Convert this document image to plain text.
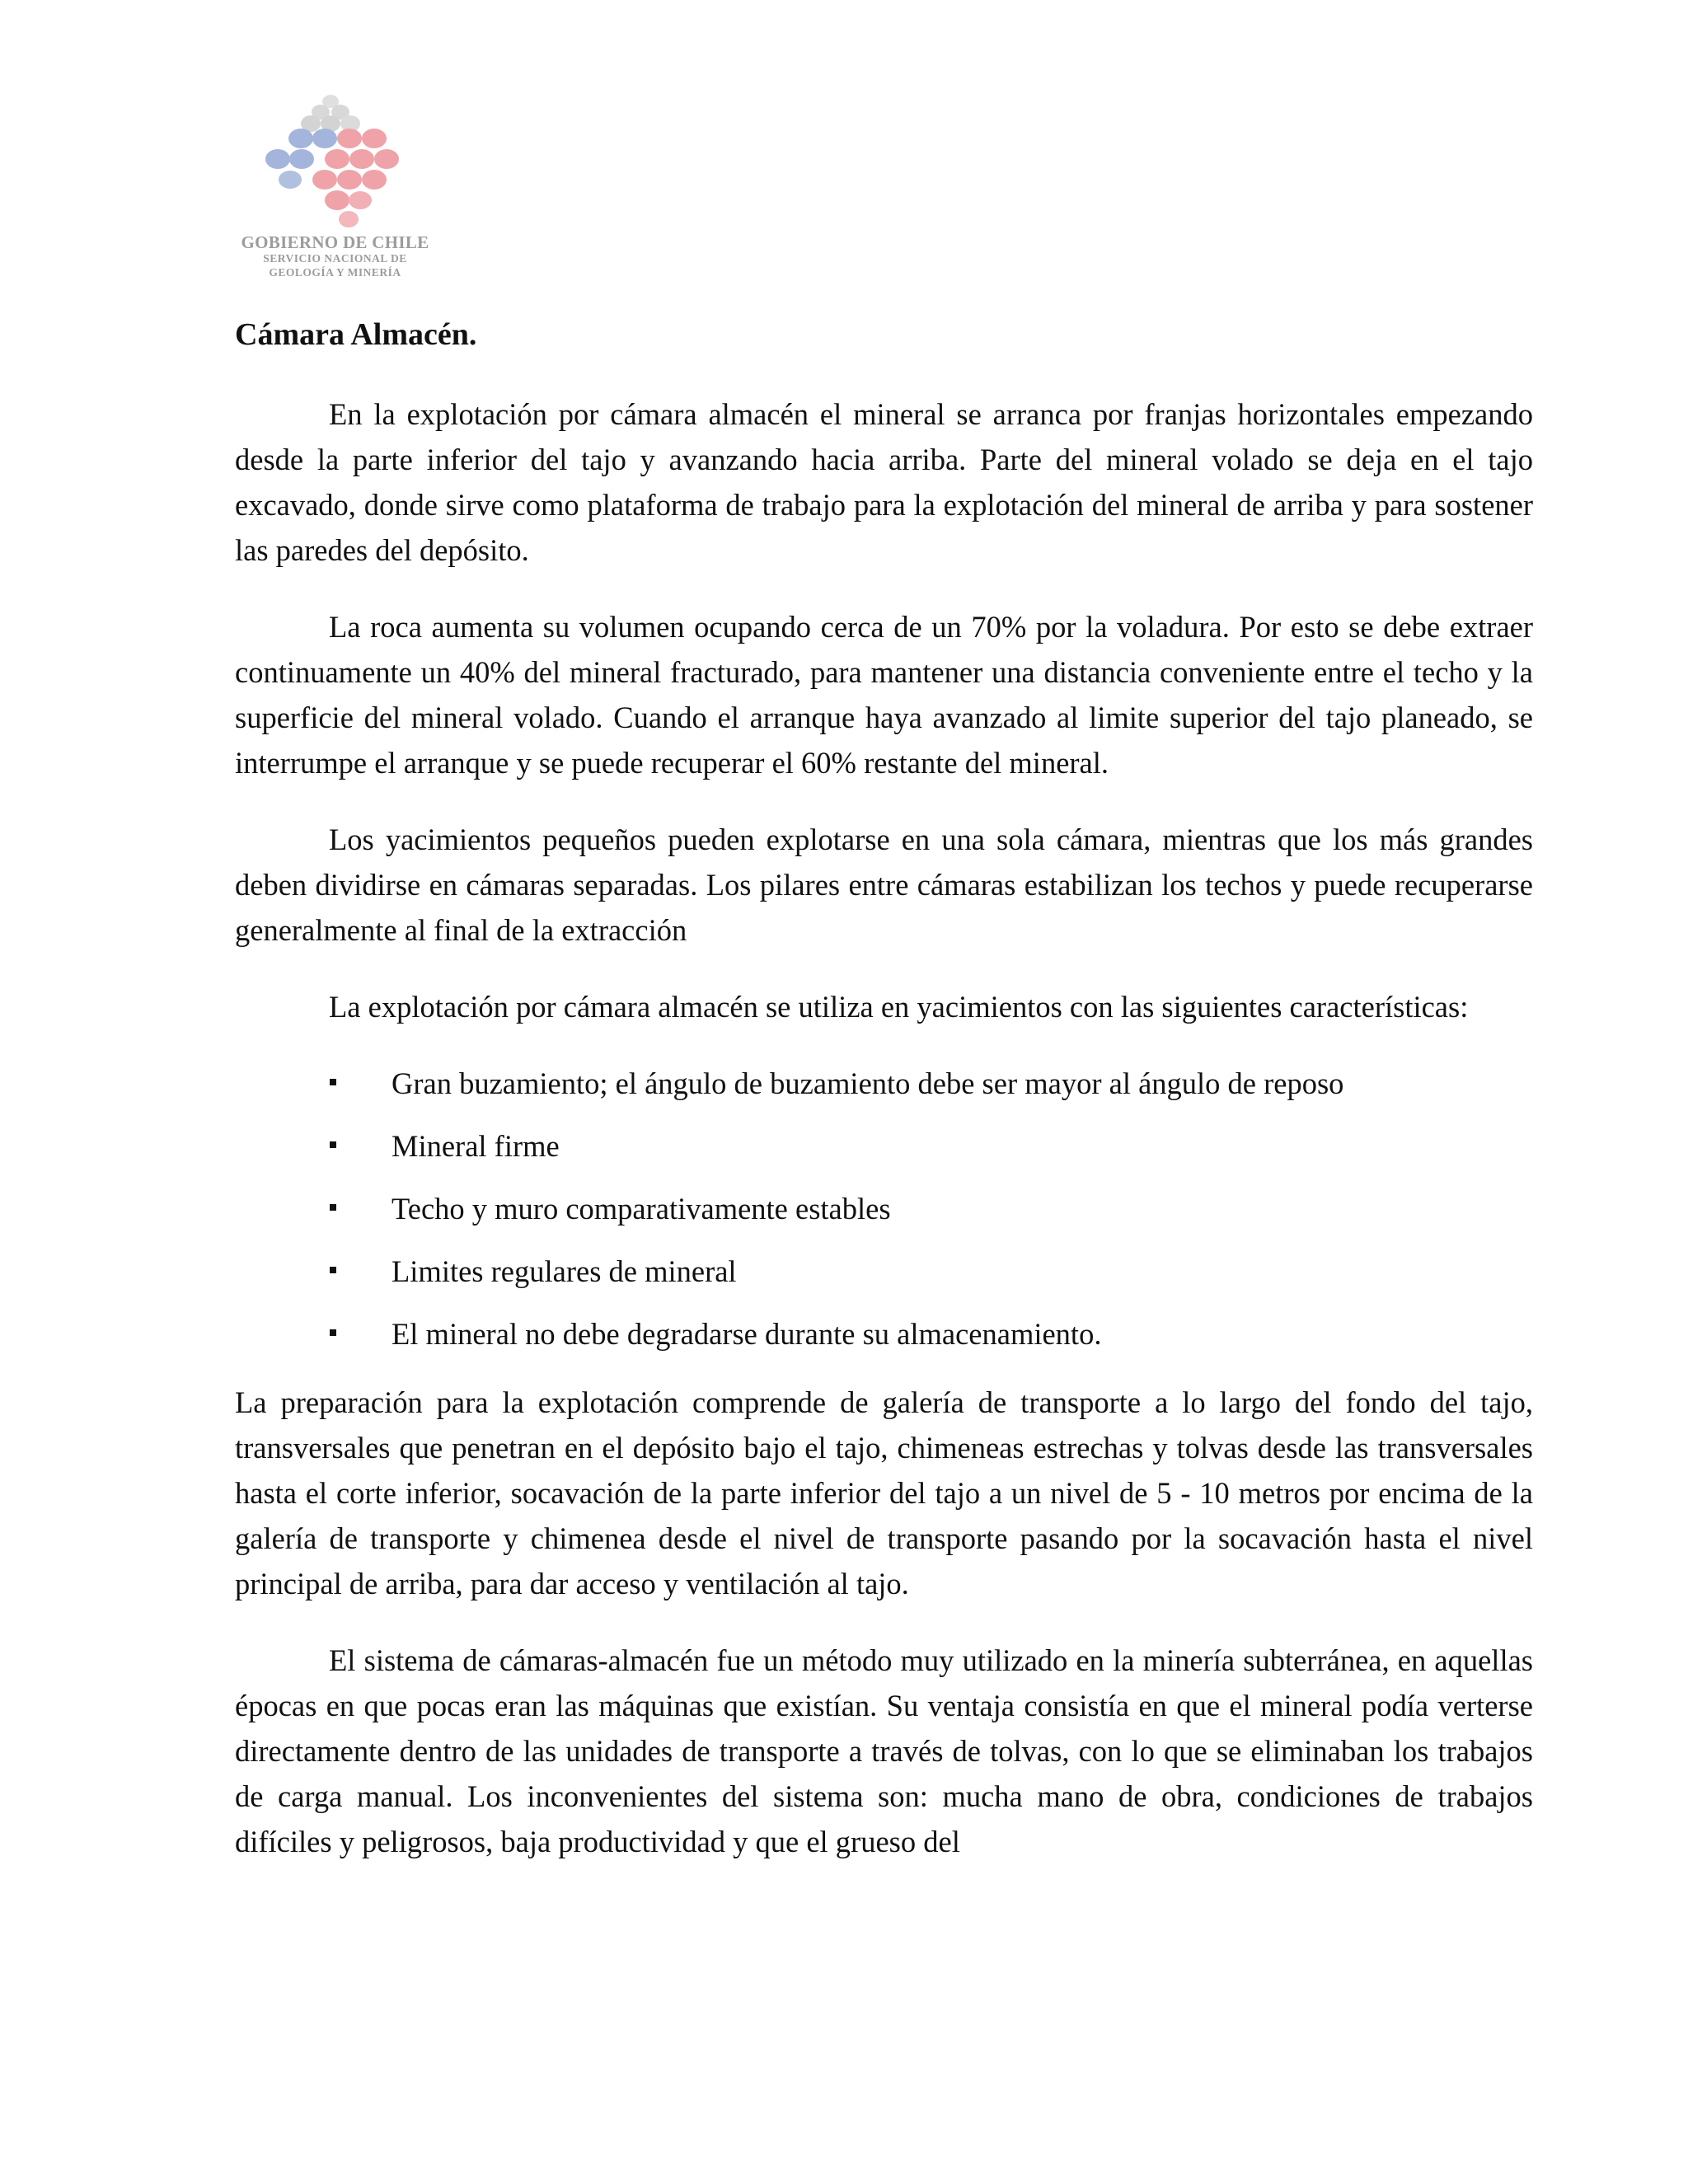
GOBIERNO DE CHILE
SERVICIO NACIONAL DE
GEOLOGÍA Y MINERÍA
Cámara Almacén.

En la explotación por cámara almacén el mineral se arranca por franjas horizontales empezando desde la parte inferior del tajo y avanzando hacia arriba. Parte del mineral volado se deja en el tajo excavado, donde sirve como plataforma de trabajo para la explotación del mineral de arriba y para sostener las paredes del depósito.

La roca aumenta su volumen ocupando cerca de un 70% por la voladura. Por esto se debe extraer continuamente un 40% del mineral fracturado, para mantener una distancia conveniente entre el techo y la superficie del mineral volado. Cuando el arranque haya avanzado al limite superior del tajo planeado, se interrumpe el arranque y se puede recuperar el 60% restante del mineral.

Los yacimientos pequeños pueden explotarse en una sola cámara, mientras que los más grandes deben dividirse en cámaras separadas. Los pilares entre cámaras estabilizan los techos y puede recuperarse generalmente al final de la extracción

La explotación por cámara almacén se utiliza en yacimientos con las siguientes características:

Gran buzamiento; el ángulo de buzamiento debe ser mayor al ángulo de reposo
Mineral firme
Techo y muro comparativamente estables
Limites regulares de mineral
El mineral no debe degradarse durante su almacenamiento.

La preparación para la explotación comprende de galería de transporte a lo largo del fondo del tajo, transversales que penetran en el depósito bajo el tajo, chimeneas estrechas y tolvas desde las transversales hasta el corte inferior, socavación de la parte inferior del tajo a un nivel de 5 - 10 metros por encima de la galería de transporte y chimenea desde el nivel de transporte pasando por la socavación hasta el nivel principal de arriba, para dar acceso y ventilación al tajo.

El sistema de cámaras-almacén fue un método muy utilizado en la minería subterránea, en aquellas épocas en que pocas eran las máquinas que existían. Su ventaja consistía en que el mineral podía verterse directamente dentro de las unidades de transporte a través de tolvas, con lo que se eliminaban los trabajos de carga manual. Los inconvenientes del sistema son: mucha mano de obra, condiciones de trabajos difíciles y peligrosos, baja productividad y que el grueso del
